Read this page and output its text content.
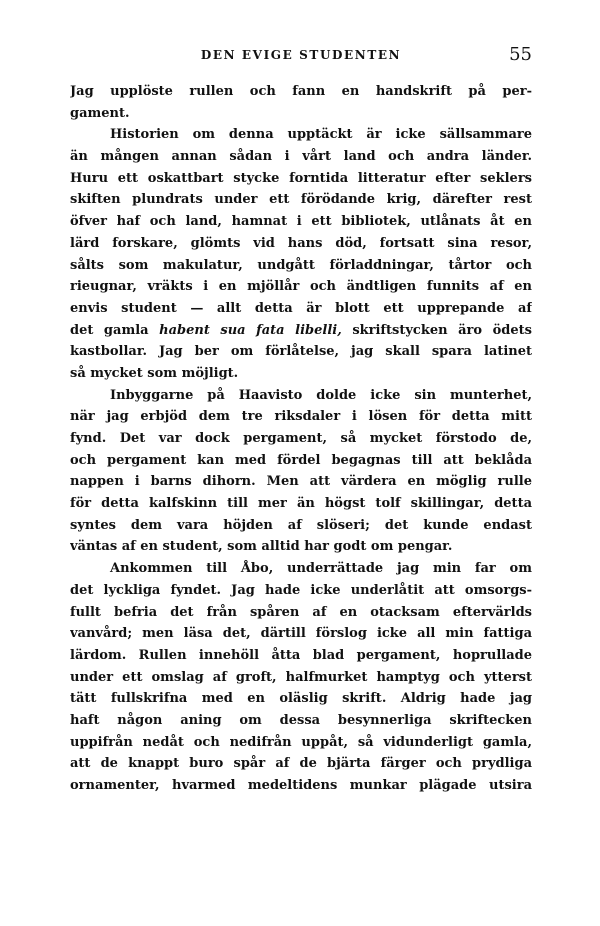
DEN EVIGE STUDENTEN	55
Jag upplöste rullen och fann en handskrift på per-
gament.
Historien om denna upptäckt är icke sällsammare
än mången annan sådan i vårt land och andra länder.
Huru ett oskattbart stycke forntida litteratur efter seklers
skiften plundrats under ett förödande krig, därefter rest
öfver haf och land, hamnat i ett bibliotek, utlånats åt en
lärd forskare, glömts vid hans död, fortsatt sina resor,
sålts som makulatur, undgått förladdningar, tårtor och
rieugnar, vräkts i en mjöllår och ändtligen funnits af en
envis student — allt detta är blott ett upprepande af
det gamla habent sua fata libelli, skriftstycken äro ödets
kastbollar. Jag ber om förlåtelse, jag skall spara latinet
så mycket som möjligt.
Inbyggarne på Haavisto dolde icke sin munterhet,
när jag erbjöd dem tre riksdaler i lösen för detta mitt
fynd. Det var dock pergament, så mycket förstodo de,
och pergament kan med fördel begagnas till att beklåda
nappen i barns dihorn. Men att värdera en möglig rulle
för detta kalfskinn till mer än högst tolf skillingar, detta
syntes dem vara höjden af slöseri; det kunde endast
väntas af en student, som alltid har godt om pengar.
Ankommen till Åbo, underrättade jag min far om
det lyckliga fyndet. Jag hade icke underlåtit att omsorgs-
fullt befria det från spåren af en otacksam eftervärlds
vanvård; men läsa det, därtill förslog icke all min fattiga
lärdom. Rullen innehöll åtta blad pergament, hoprullade
under ett omslag af groft, halfmurket hamptyg och ytterst
tätt fullskrifna med en oläslig skrift. Aldrig hade jag
haft någon aning om dessa besynnerliga skriftecken
uppifrån nedåt och nedifrån uppåt, så vidunderligt gamla,
att de knappt buro spår af de bjärta färger och prydliga
ornamenter, hvarmed medeltidens munkar plägade utsira
